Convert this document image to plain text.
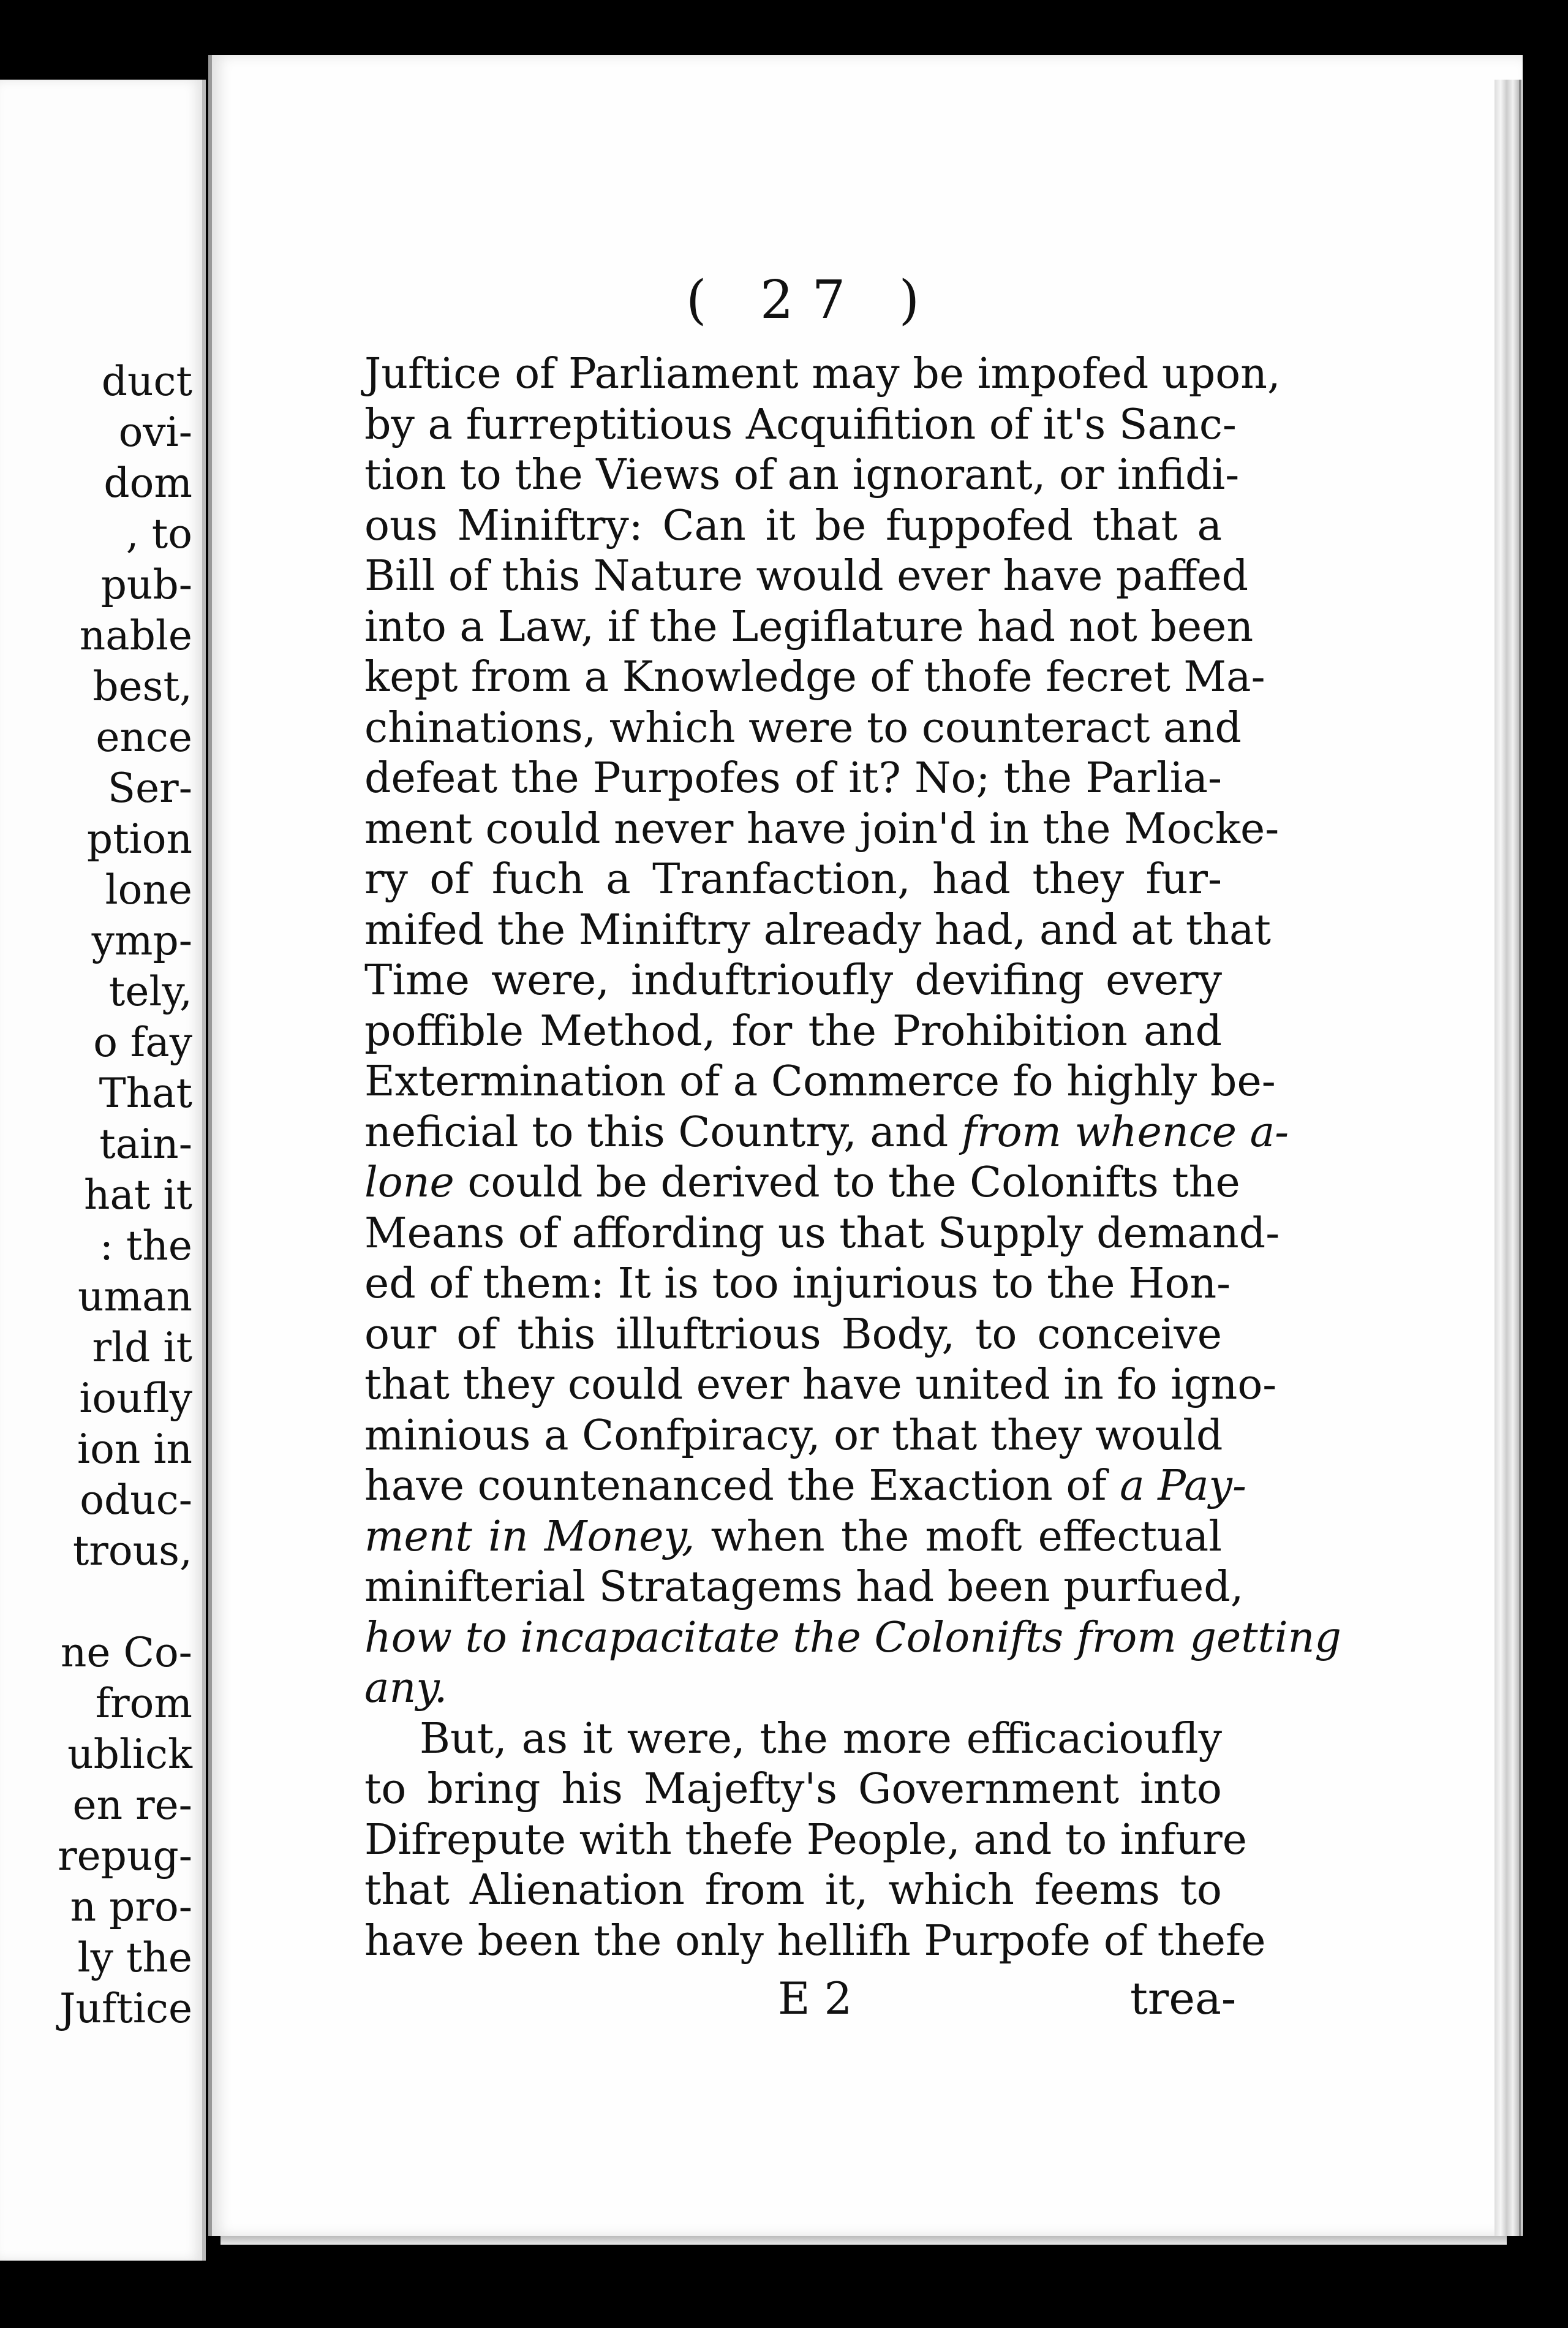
duct
ovi-
dom
, to
pub-
nable
best,
ence
Ser-
ption
lone
ymp-
tely,
o fay
That
tain-
hat it
: the
uman
rld it
ioufly
ion in
oduc-
trous,
ne Co-
from
ublick
en re-
repug-
n pro-
ly the
Juftice
( 27 )
Juftice of Parliament may be impofed upon,
by a furreptitious Acquifition of it's Sanc-
tion to the Views of an ignorant, or infidi-
ous Miniftry: Can it be fuppofed that a
Bill of this Nature would ever have paffed
into a Law, if the Legiflature had not been
kept from a Knowledge of thofe fecret Ma-
chinations, which were to counteract and
defeat the Purpofes of it? No; the Parlia-
ment could never have join'd in the Mocke-
ry of fuch a Tranfaction, had they fur-
mifed the Miniftry already had, and at that
Time were, induftrioufly devifing every
poffible Method, for the Prohibition and
Extermination of a Commerce fo highly be-
neficial to this Country, and from whence a-
lone could be derived to the Colonifts the
Means of affording us that Supply demand-
ed of them: It is too injurious to the Hon-
our of this illuftrious Body, to conceive
that they could ever have united in fo igno-
minious a Confpiracy, or that they would
have countenanced the Exaction of a Pay-
ment in Money, when the moft effectual
minifterial Stratagems had been purfued,
how to incapacitate the Colonifts from getting
any.
But, as it were, the more efficacioufly
to bring his Majefty's Government into
Difrepute with thefe People, and to infure
that Alienation from it, which feems to
have been the only hellifh Purpofe of thefe
E 2	trea-
